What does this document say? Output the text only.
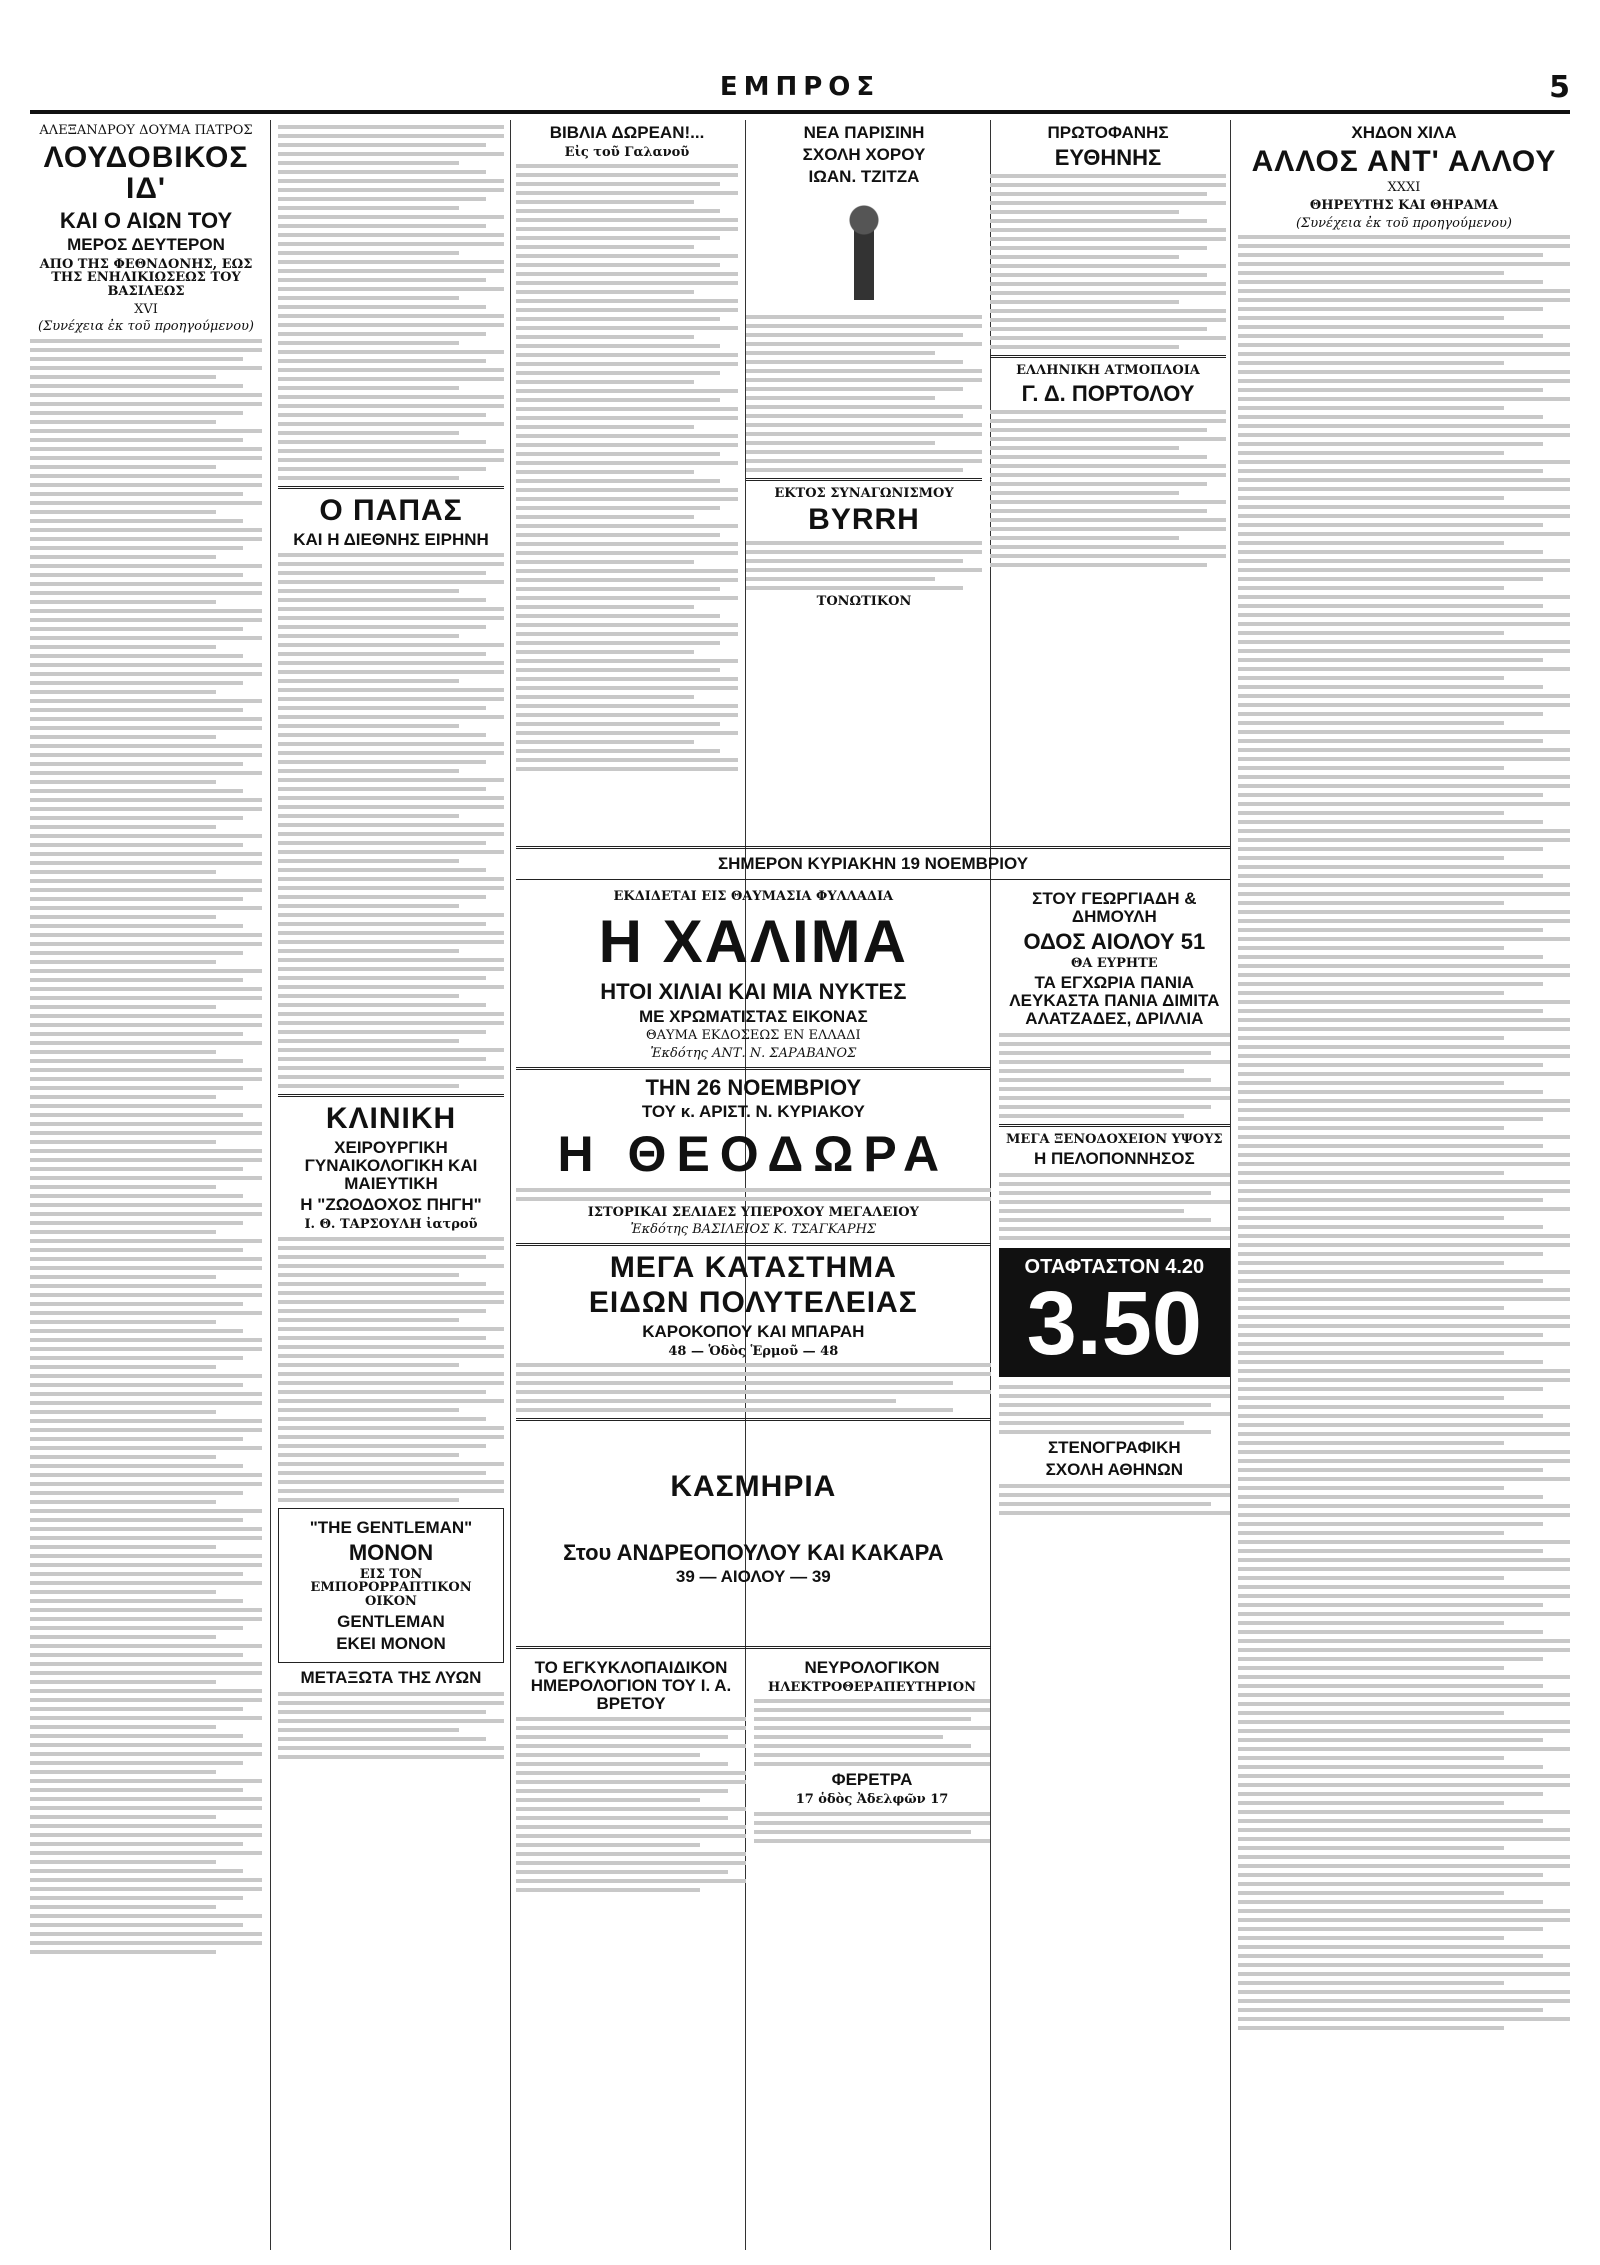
ΕΜΠΡΟΣ	5
ΑΛΕΞΑΝΔΡΟΥ ΔΟΥΜΑ ΠΑΤΡΟΣ
ΛΟΥΔΟΒΙΚΟΣ ΙΔ'
ΚΑΙ Ο ΑΙΩΝ ΤΟΥ
ΜΕΡΟΣ ΔΕΥΤΕΡΟΝ
ΑΠΟ ΤΗΣ ΦΕΘΝΔΟΝΗΣ, ΕΩΣ ΤΗΣ ΕΝΗΛΙΚΙΩΣΕΩΣ ΤΟΥ ΒΑΣΙΛΕΩΣ
XVI
(Συνέχεια ἐκ τοῦ προηγούμενου)
Ο ΠΑΠΑΣ
ΚΑΙ Η ΔΙΕΘΝΗΣ ΕΙΡΗΝΗ
ΚΛΙΝΙΚΗ
ΧΕΙΡΟΥΡΓΙΚΗ ΓΥΝΑΙΚΟΛΟΓΙΚΗ ΚΑΙ ΜΑΙΕΥΤΙΚΗ
Η "ΖΩΟΔΟΧΟΣ ΠΗΓΗ"
Ι. Θ. ΤΑΡΣΟΥΛΗ ἰατροῦ
"THE GENTLEMAN"
ΜΟΝΟΝ
ΕΙΣ ΤΟΝ ΕΜΠΟΡΟΡΡΑΠΤΙΚΟΝ ΟΙΚΟΝ
GENTLEMAN
ΕΚΕΙ ΜΟΝΟΝ
ΜΕΤΑΞΩΤΑ ΤΗΣ ΛΥΩΝ
ΒΙΒΛΙΑ ΔΩΡΕΑΝ!...
Εἰς τοῦ Γαλανοῦ
ΝΕΑ ΠΑΡΙΣΙΝΗ
ΣΧΟΛΗ ΧΟΡΟΥ
ΙΩΑΝ. ΤΖΙΤΖΑ
ΕΚΤΟΣ ΣΥΝΑΓΩΝΙΣΜΟΥ
BYRRH
ΤΟΝΩΤΙΚΟΝ
ΠΡΩΤΟΦΑΝΗΣ
ΕΥΘΗΝΗΣ
ΕΛΛΗΝΙΚΗ ΑΤΜΟΠΛΟΙΑ
Γ. Δ. ΠΟΡΤΟΛΟΥ
ΣΗΜΕΡΟΝ ΚΥΡΙΑΚΗΝ 19 ΝΟΕΜΒΡΙΟΥ
ΕΚΔΙΔΕΤΑΙ ΕΙΣ ΘΑΥΜΑΣΙΑ ΦΥΛΛΑΔΙΑ
Η ΧΑΛΙΜΑ
ΗΤΟΙ ΧΙΛΙΑΙ ΚΑΙ ΜΙΑ ΝΥΚΤΕΣ
ΜΕ ΧΡΩΜΑΤΙΣΤΑΣ ΕΙΚΟΝΑΣ
ΘΑΥΜΑ ΕΚΔΟΣΕΩΣ ΕΝ ΕΛΛΑΔΙ
Ἐκδότης ΑΝΤ. Ν. ΣΑΡΑΒΑΝΟΣ
ΤΗΝ 26 ΝΟΕΜΒΡΙΟΥ
ΤΟΥ κ. ΑΡΙΣΤ. Ν. ΚΥΡΙΑΚΟΥ
Η ΘΕΟΔΩΡΑ
ΙΣΤΟΡΙΚΑΙ ΣΕΛΙΔΕΣ ΥΠΕΡΟΧΟΥ ΜΕΓΑΛΕΙΟΥ
Ἐκδότης ΒΑΣΙΛΕΙΟΣ Κ. ΤΣΑΓΚΑΡΗΣ
ΜΕΓΑ ΚΑΤΑΣΤΗΜΑ
ΕΙΔΩΝ ΠΟΛΥΤΕΛΕΙΑΣ
ΚΑΡΟΚΟΠΟΥ ΚΑΙ ΜΠΑΡΑΗ
48 — Ὁδὸς Ἑρμοῦ — 48
ΚΑΣΜΗΡΙΑ
Στου ΑΝΔΡΕΟΠΟΥΛΟΥ ΚΑΙ ΚΑΚΑΡΑ
39 — ΑΙΟΛΟΥ — 39
ΤΟ ΕΓΚΥΚΛΟΠΑΙΔΙΚΟΝ ΗΜΕΡΟΛΟΓΙΟΝ ΤΟΥ Ι. Α. ΒΡΕΤΟΥ
ΝΕΥΡΟΛΟΓΙΚΟΝ
ΗΛΕΚΤΡΟΘΕΡΑΠΕΥΤΗΡΙΟΝ
ΦΕΡΕΤΡΑ
17 ὁδὸς Ἀδελφῶν 17
ΣΤΟΥ ΓΕΩΡΓΙΑΔΗ & ΔΗΜΟΥΛΗ
ΟΔΟΣ ΑΙΟΛΟΥ 51
ΘΑ ΕΥΡΗΤΕ
ΤΑ ΕΓΧΩΡΙΑ ΠΑΝΙΑ ΛΕΥΚΑΣΤΑ ΠΑΝΙΑ ΔΙΜΙΤΑ ΑΛΑΤΖΑΔΕΣ, ΔΡΙΛΛΙΑ
ΜΕΓΑ ΞΕΝΟΔΟΧΕΙΟΝ ΥΨΟΥΣ
Η ΠΕΛΟΠΟΝΝΗΣΟΣ
ΟΤΑΦΤΑΣΤΟΝ 4.20
3.50
ΣΤΕΝΟΓΡΑΦΙΚΗ
ΣΧΟΛΗ ΑΘΗΝΩΝ
ΧΗΔΟΝ ΧΙΛΑ
ΑΛΛΟΣ ΑΝΤ' ΑΛΛΟΥ
XXXI
ΘΗΡΕΥΤΗΣ ΚΑΙ ΘΗΡΑΜΑ
(Συνέχεια ἐκ τοῦ προηγούμενου)
